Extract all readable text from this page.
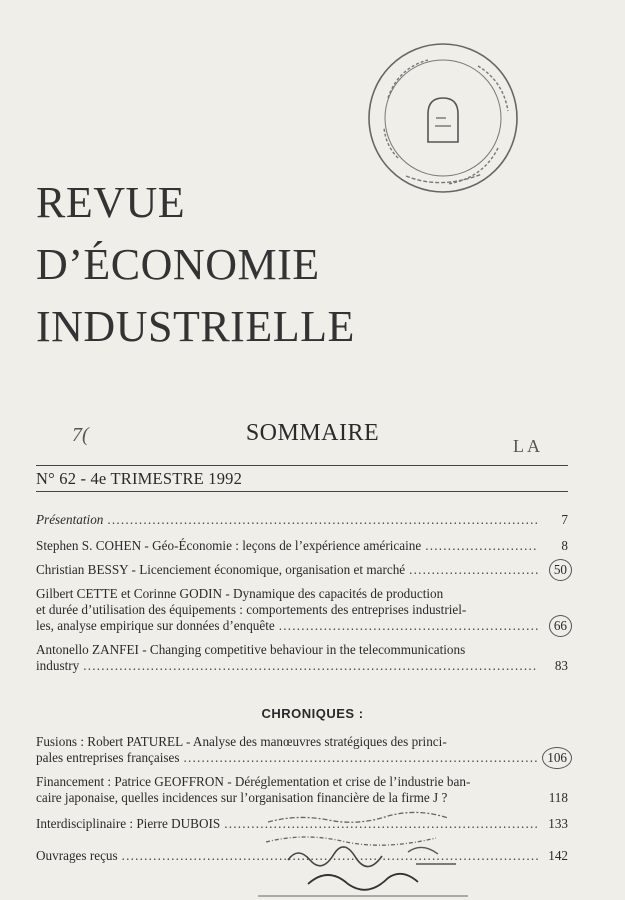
REVUE
D’ÉCONOMIE
INDUSTRIELLE
7(	SOMMAIRE	LA
N° 62 - 4e TRIMESTRE 1992
Présentation .....	7
Stephen S. COHEN - Géo-Économie : leçons de l’expérience américaine .....	8
Christian BESSY - Licenciement économique, organisation et marché .....	50
Gilbert CETTE et Corinne GODIN - Dynamique des capacités de production
et durée d’utilisation des équipements : comportements des entreprises industriel-
les, analyse empirique sur données d’enquête .....	66
Antonello ZANFEI - Changing competitive behaviour in the telecommunications
industry .....	83
CHRONIQUES :
Fusions : Robert PATUREL - Analyse des manœuvres stratégiques des princi-
pales entreprises françaises .....	106
Financement : Patrice GEOFFRON - Déréglementation et crise de l’industrie ban-
caire japonaise, quelles incidences sur l’organisation financière de la firme J ?	118
Interdisciplinaire : Pierre DUBOIS .....	133
Ouvrages reçus .....	142
